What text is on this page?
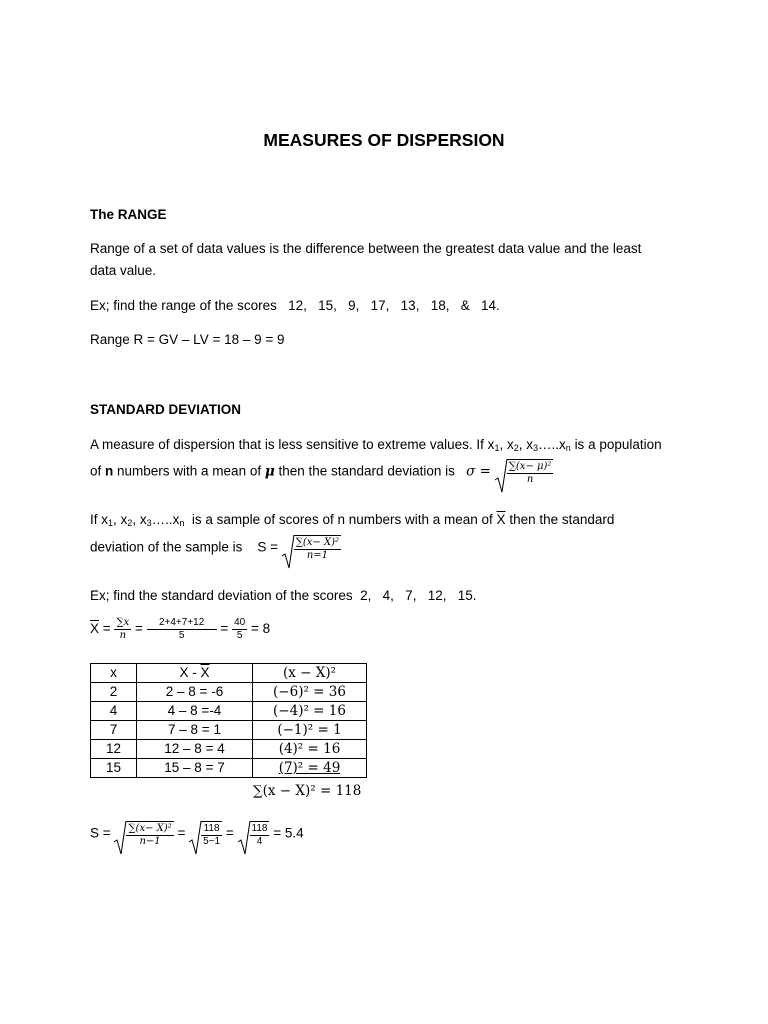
MEASURES OF DISPERSION
The RANGE
Range of a set of data values is the difference between the greatest data value and the least
data value.
Ex; find the range of the scores   12,   15,   9,   17,   13,   18,   &   14.
Range R = GV – LV = 18 – 9 = 9
STANDARD DEVIATION
A measure of dispersion that is less sensitive to extreme values. If $x_1$, $x_2$, $x_3\dots..x_n$ is a population
of n numbers with a mean of μ then the standard deviation is $\sigma = \frac{\text{∑(x− μ)²}}{n}$
If $x_1$, $x_2$, $x_3\dots..x_n$ is a sample of scores of n numbers with a mean of $\overline{X}$ then the standard
deviation of the sample is $S = \frac{\text{∑(x− X)²}}{n=1}$
Ex; find the standard deviation of the scores  2,   4,   7,   12,   15.
$\overline{X} = \frac{\sum x}{n} = \frac{2+4+7+12}{5} = \frac{40}{5} = 8$
x	X - $\overline{X}$	(x − X)²
2	2 – 8 = -6	(−6)² = 36
4	4 – 8 =-4	(−4)² = 16
7	7 – 8 = 1	(−1)² = 1
12	12 – 8 = 4	(4)² = 16
15	15 – 8 = 7	(7)² = 49
∑(x − X)² = 118
$S = \frac{\text{∑(x− X)²}}{n-1} = \frac{118}{5-1} = \frac{118}{4} = 5.4$
